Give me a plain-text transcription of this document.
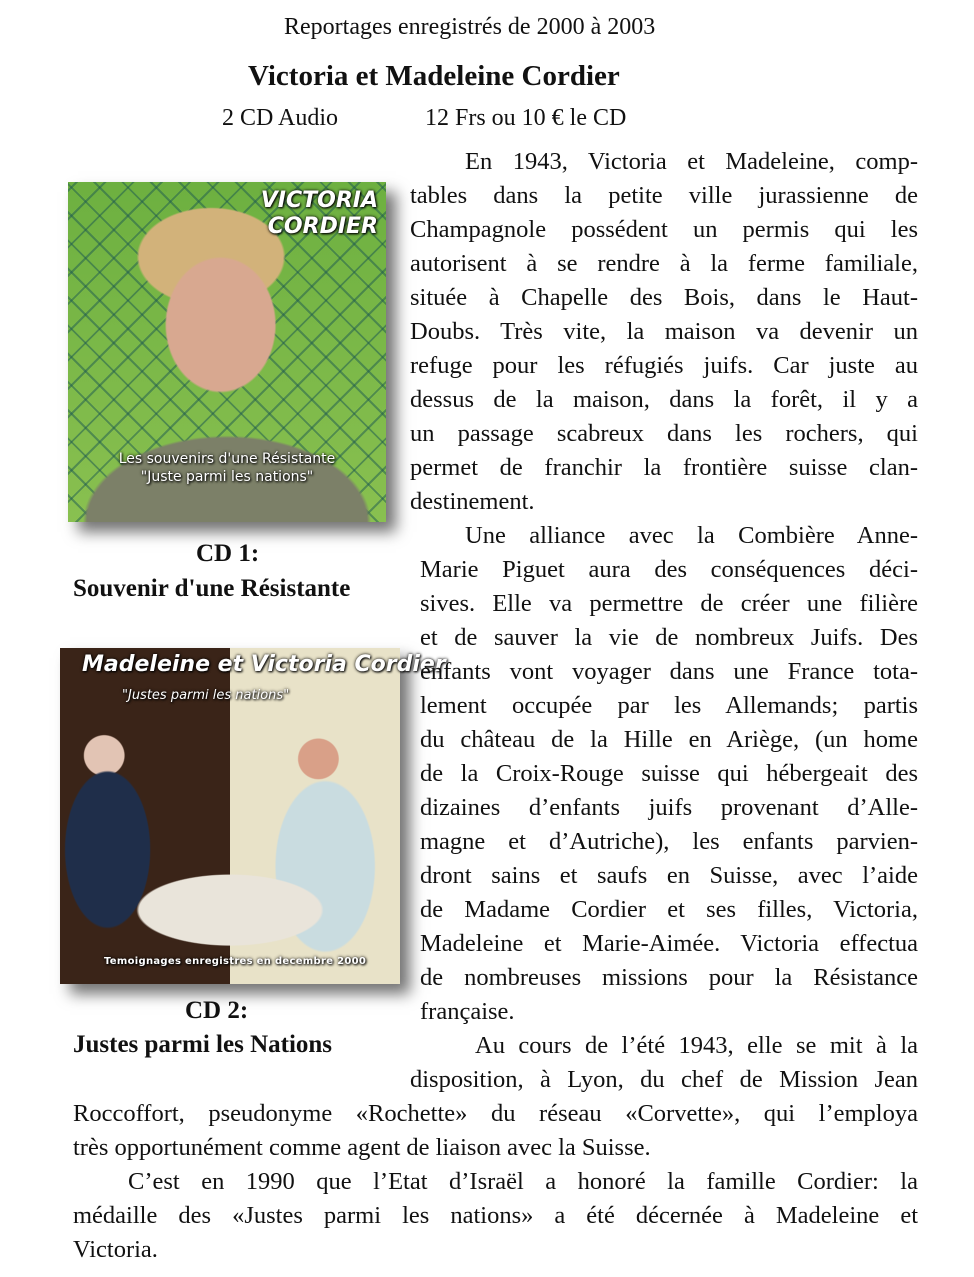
Reportages enregistrés de 2000 à 2003
Victoria et Madeleine Cordier
2 CD Audio	12 Frs ou 10 € le CD
VICTORIA
CORDIER
Les souvenirs d'une Résistante
"Juste parmi les nations"
CD 1:
Souvenir d'une Résistante
Madeleine et Victoria Cordier
"Justes parmi les nations"
Temoignages enregistres en decembre 2000
CD 2:
Justes parmi les Nations
En 1943, Victoria et Madeleine, comp-
tables dans la petite ville jurassienne de
Champagnole possédent un permis qui les
autorisent à se rendre à la ferme familiale,
située à Chapelle des Bois, dans le Haut-
Doubs. Très vite, la maison va devenir un
refuge pour les réfugiés juifs. Car juste au
dessus de la maison, dans la forêt, il y a
un passage scabreux dans les rochers, qui
permet de franchir la frontière suisse clan-
destinement.
Une alliance avec la Combière Anne-
Marie Piguet aura des conséquences déci-
sives. Elle va permettre de créer une filière
et de sauver la vie de nombreux Juifs. Des
enfants vont voyager dans une France tota-
lement occupée par les Allemands; partis
du château de la Hille en Ariège, (un home
de la Croix-Rouge suisse qui hébergeait des
dizaines d’enfants juifs provenant d’Alle-
magne et d’Autriche), les enfants parvien-
dront sains et saufs en Suisse, avec l’aide
de Madame Cordier et ses filles, Victoria,
Madeleine et Marie-Aimée. Victoria effectua
de nombreuses missions pour la Résistance
française.
Au cours de l’été 1943, elle se mit à la
disposition, à Lyon, du chef de Mission Jean
Roccoffort, pseudonyme «Rochette» du réseau «Corvette», qui l’employa
très opportunément comme agent de liaison avec la Suisse.
C’est en 1990 que l’Etat d’Israël a honoré la famille Cordier: la
médaille des «Justes parmi les nations» a été décernée à Madeleine et
Victoria.
